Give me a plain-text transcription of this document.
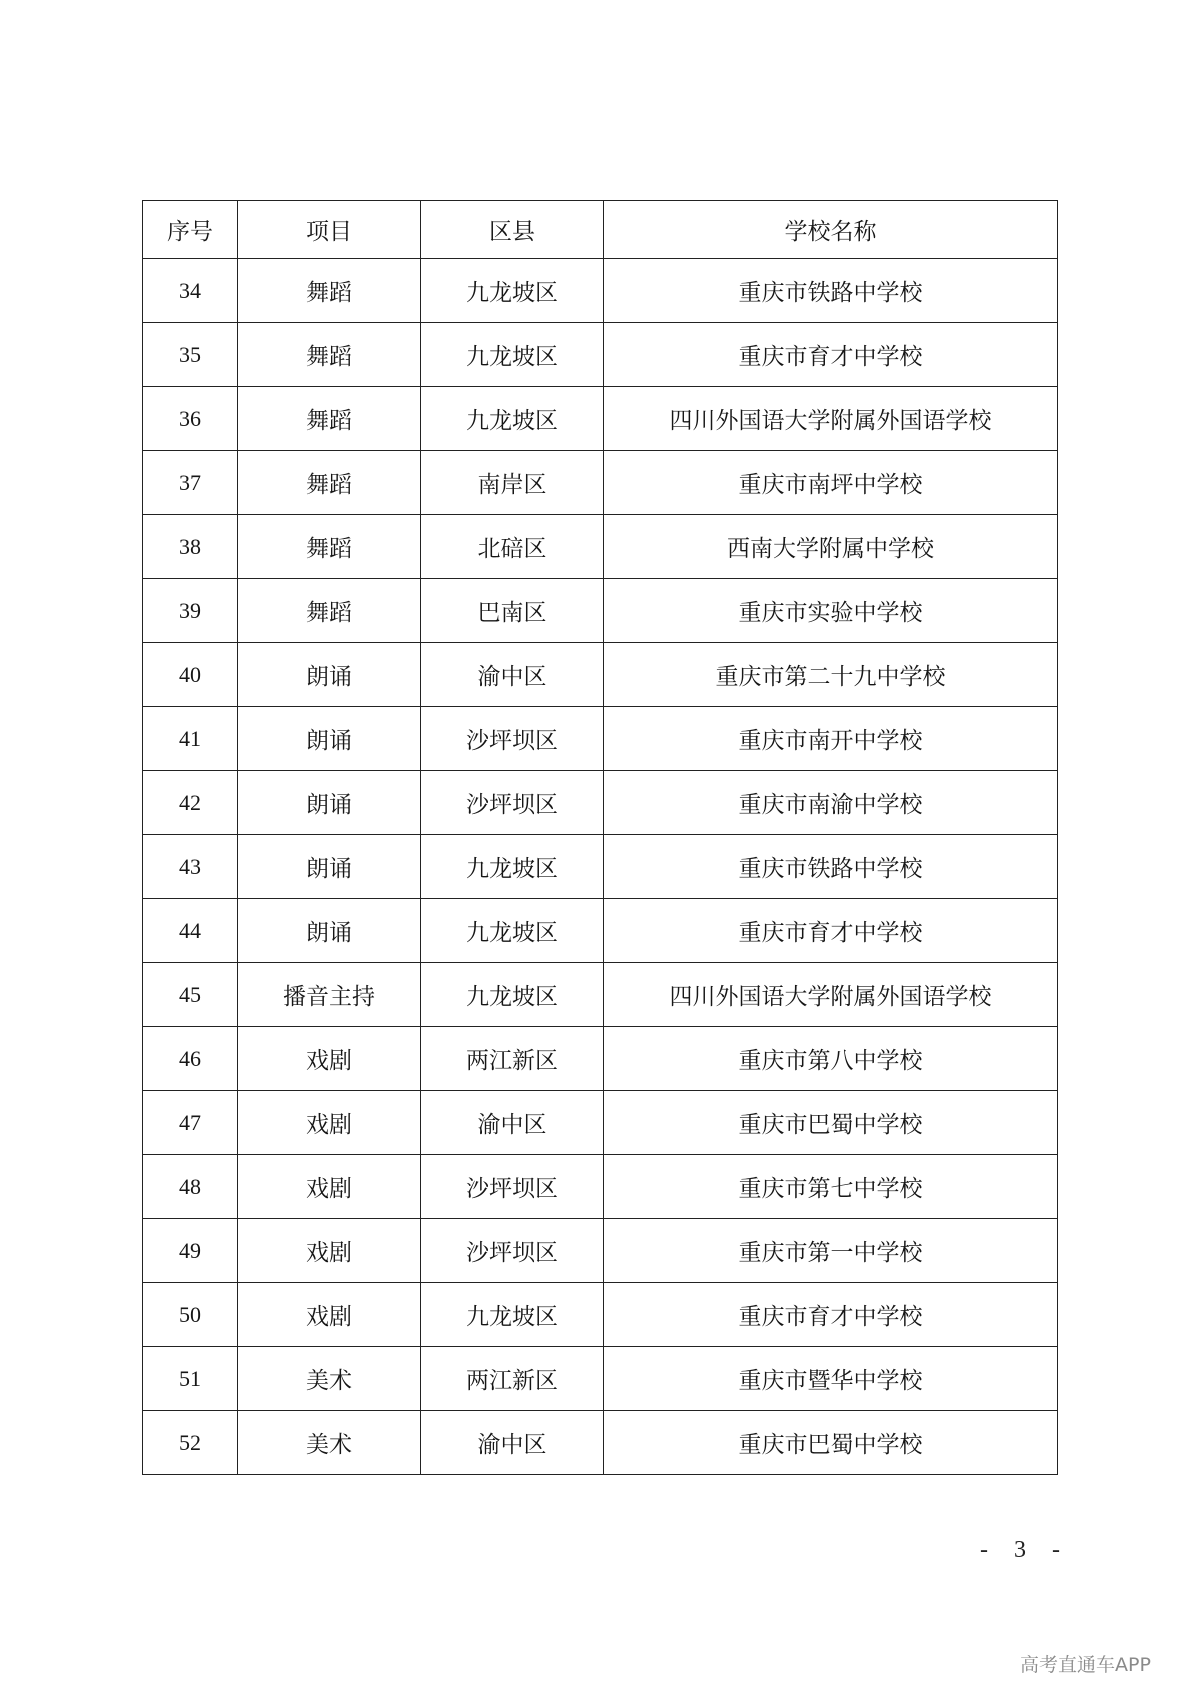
序号	项目	区县	学校名称
34	舞蹈	九龙坡区	重庆市铁路中学校
35	舞蹈	九龙坡区	重庆市育才中学校
36	舞蹈	九龙坡区	四川外国语大学附属外国语学校
37	舞蹈	南岸区	重庆市南坪中学校
38	舞蹈	北碚区	西南大学附属中学校
39	舞蹈	巴南区	重庆市实验中学校
40	朗诵	渝中区	重庆市第二十九中学校
41	朗诵	沙坪坝区	重庆市南开中学校
42	朗诵	沙坪坝区	重庆市南渝中学校
43	朗诵	九龙坡区	重庆市铁路中学校
44	朗诵	九龙坡区	重庆市育才中学校
45	播音主持	九龙坡区	四川外国语大学附属外国语学校
46	戏剧	两江新区	重庆市第八中学校
47	戏剧	渝中区	重庆市巴蜀中学校
48	戏剧	沙坪坝区	重庆市第七中学校
49	戏剧	沙坪坝区	重庆市第一中学校
50	戏剧	九龙坡区	重庆市育才中学校
51	美术	两江新区	重庆市暨华中学校
52	美术	渝中区	重庆市巴蜀中学校
- 3 -
高考直通车APP
